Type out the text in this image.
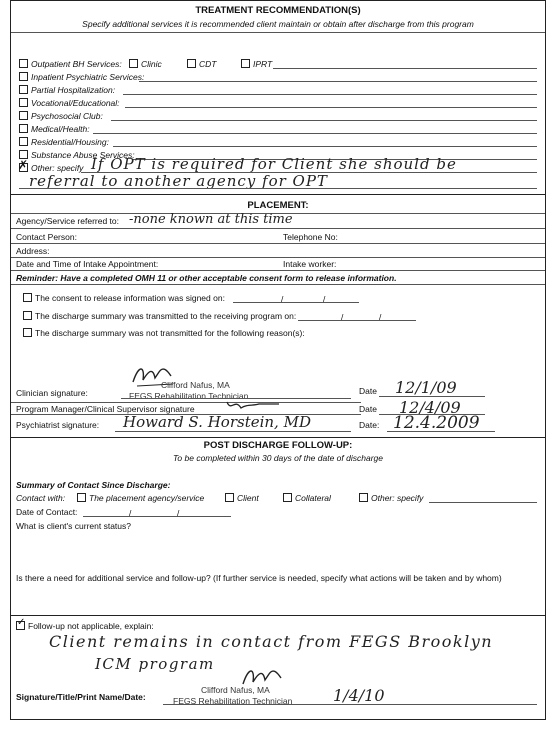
TREATMENT RECOMMENDATION(S)
Specify additional services it is recommended client maintain or obtain after discharge from this program
Outpatient BH Services:	Clinic	CDT	IPRT
Inpatient Psychiatric Services:
Partial Hospitalization:
Vocational/Educational:
Psychosocial Club:
Medical/Health:
Residential/Housing:
Substance Abuse Services:
✗ Other: specify If OPT is required for Client she should be
referral to another agency for OPT
PLACEMENT:
Agency/Service referred to: -none known at this time
Contact Person:	Telephone No:
Address:
Date and Time of Intake Appointment:	Intake worker:
Reminder: Have a completed OMH 11 or other acceptable consent form to release information.
The consent to release information was signed on:	/	/
The discharge summary was transmitted to the receiving program on:	/	/
The discharge summary was not transmitted for the following reason(s):
Clinician signature:
Clifford Nafus, MA
FEGS Rehabilitation Technician	Date 12/1/09
Program Manager/Clinical Supervisor signature	Date 12/4/09
Psychiatrist signature: Howard S. Horstein, MD	Date: 12.4.2009
POST DISCHARGE FOLLOW-UP:
To be completed within 30 days of the date of discharge
Summary of Contact Since Discharge:
Contact with:	The placement agency/service	Client	Collateral	Other: specify
Date of Contact:	/	/
What is client's current status?
Is there a need for additional service and follow-up? (If further service is needed, specify what actions will be taken and by whom)
✓ Follow-up not applicable, explain:
Client remains in contact from FEGS Brooklyn
ICM program
Signature/Title/Print Name/Date:
Clifford Nafus, MA
FEGS Rehabilitation Technician	1/4/10
